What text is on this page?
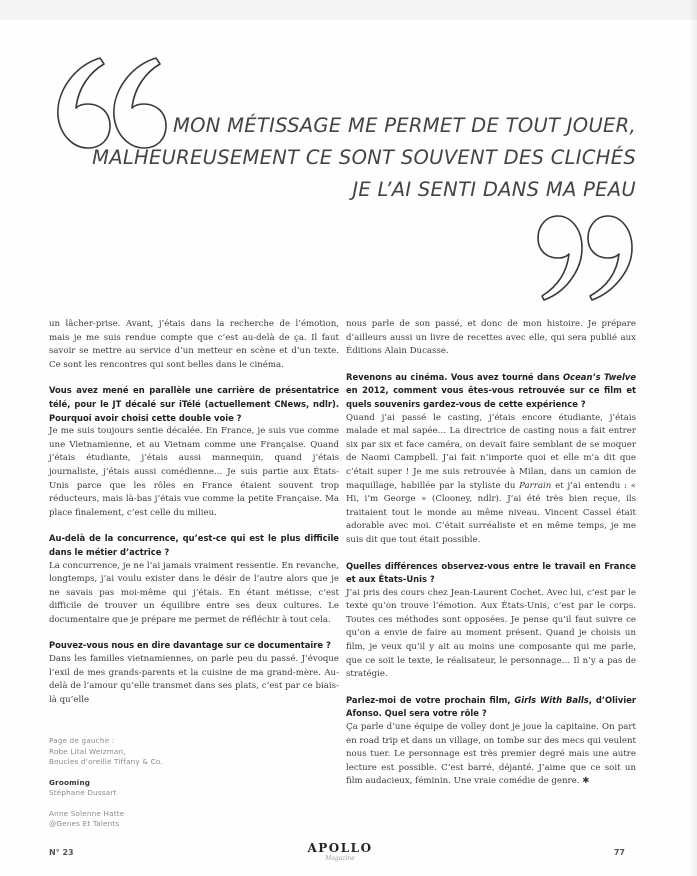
MON MÉTISSAGE ME PERMET DE TOUT JOUER,
MALHEUREUSEMENT CE SONT SOUVENT DES CLICHÉS
JE L’AI SENTI DANS MA PEAU

un lâcher-prise. Avant, j’étais dans la recherche de l’émotion, mais je me suis rendue compte que c’est au-delà de ça. Il faut savoir se mettre au service d’un metteur en scène et d’un texte. Ce sont les rencontres qui sont belles dans le cinéma.

Vous avez mené en parallèle une carrière de présentatrice télé, pour le JT décalé sur iTélé (actuellement CNews, ndlr). Pourquoi avoir choisi cette double voie ?

Je me suis toujours sentie décalée. En France, je suis vue comme une Vietnamienne, et au Vietnam comme une Française. Quand j’étais étudiante, j’étais aussi mannequin, quand j’étais journaliste, j’étais aussi comédienne… Je suis partie aux États-Unis parce que les rôles en France étaient souvent trop réducteurs, mais là-bas j’étais vue comme la petite Française. Ma place finalement, c’est celle du milieu.

Au-delà de la concurrence, qu’est-ce qui est le plus difficile dans le métier d’actrice ?

La concurrence, je ne l’ai jamais vraiment ressentie. En revanche, longtemps, j’ai voulu exister dans le désir de l’autre alors que je ne savais pas moi-même qui j’étais. En étant métisse, c’est difficile de trouver un équilibre entre ses deux cultures. Le documentaire que je prépare me permet de réfléchir à tout cela.

Pouvez-vous nous en dire davantage sur ce documentaire ?

Dans les familles vietnamiennes, on parle peu du passé. J’évoque l’exil de mes grands-parents et la cuisine de ma grand-mère. Au-delà de l’amour qu’elle transmet dans ses plats, c’est par ce biais-là qu’elle

nous parle de son passé, et donc de mon histoire. Je prépare d’ailleurs aussi un livre de recettes avec elle, qui sera publié aux Éditions Alain Ducasse.

Revenons au cinéma. Vous avez tourné dans Ocean’s Twelve en 2012, comment vous êtes-vous retrouvée sur ce film et quels souvenirs gardez-vous de cette expérience ?

Quand j’ai passé le casting, j’étais encore étudiante, j’étais malade et mal sapée… La directrice de casting nous a fait entrer six par six et face caméra, on devait faire semblant de se moquer de Naomi Campbell. J’ai fait n’importe quoi et elle m’a dit que c’était super ! Je me suis retrouvée à Milan, dans un camion de maquillage, habillée par la styliste du Parrain et j’ai entendu : « Hi, i’m George » (Clooney, ndlr). J’ai été très bien reçue, ils traitaient tout le monde au même niveau. Vincent Cassel était adorable avec moi. C’était surréaliste et en même temps, je me suis dit que tout était possible.

Quelles différences observez-vous entre le travail en France et aux États-Unis ?

J’ai pris des cours chez Jean-Laurent Cochet. Avec lui, c’est par le texte qu’on trouve l’émotion. Aux États-Unis, c’est par le corps. Toutes ces méthodes sont opposées. Je pense qu’il faut suivre ce qu’on a envie de faire au moment présent. Quand je choisis un film, je veux qu’il y ait au moins une composante qui me parle, que ce soit le texte, le réalisateur, le personnage… Il n’y a pas de stratégie.

Parlez-moi de votre prochain film, Girls With Balls, d’Olivier Afonso. Quel sera votre rôle ?

Ça parle d’une équipe de volley dont je joue la capitaine. On part en road trip et dans un village, on tombe sur des mecs qui veulent nous tuer. Le personnage est très premier degré mais une autre lecture est possible. C’est barré, déjanté. J’aime que ce soit un film audacieux, féminin. Une vraie comédie de genre. ✱

Page de gauche :
Robe Lital Weizman,
Boucles d’oreille Tiffany & Co.
Grooming
Stéphane Dussart
Anne Solenne Hatte
@Genes Et Talents
N° 23	APOLLO
Magazine
77
